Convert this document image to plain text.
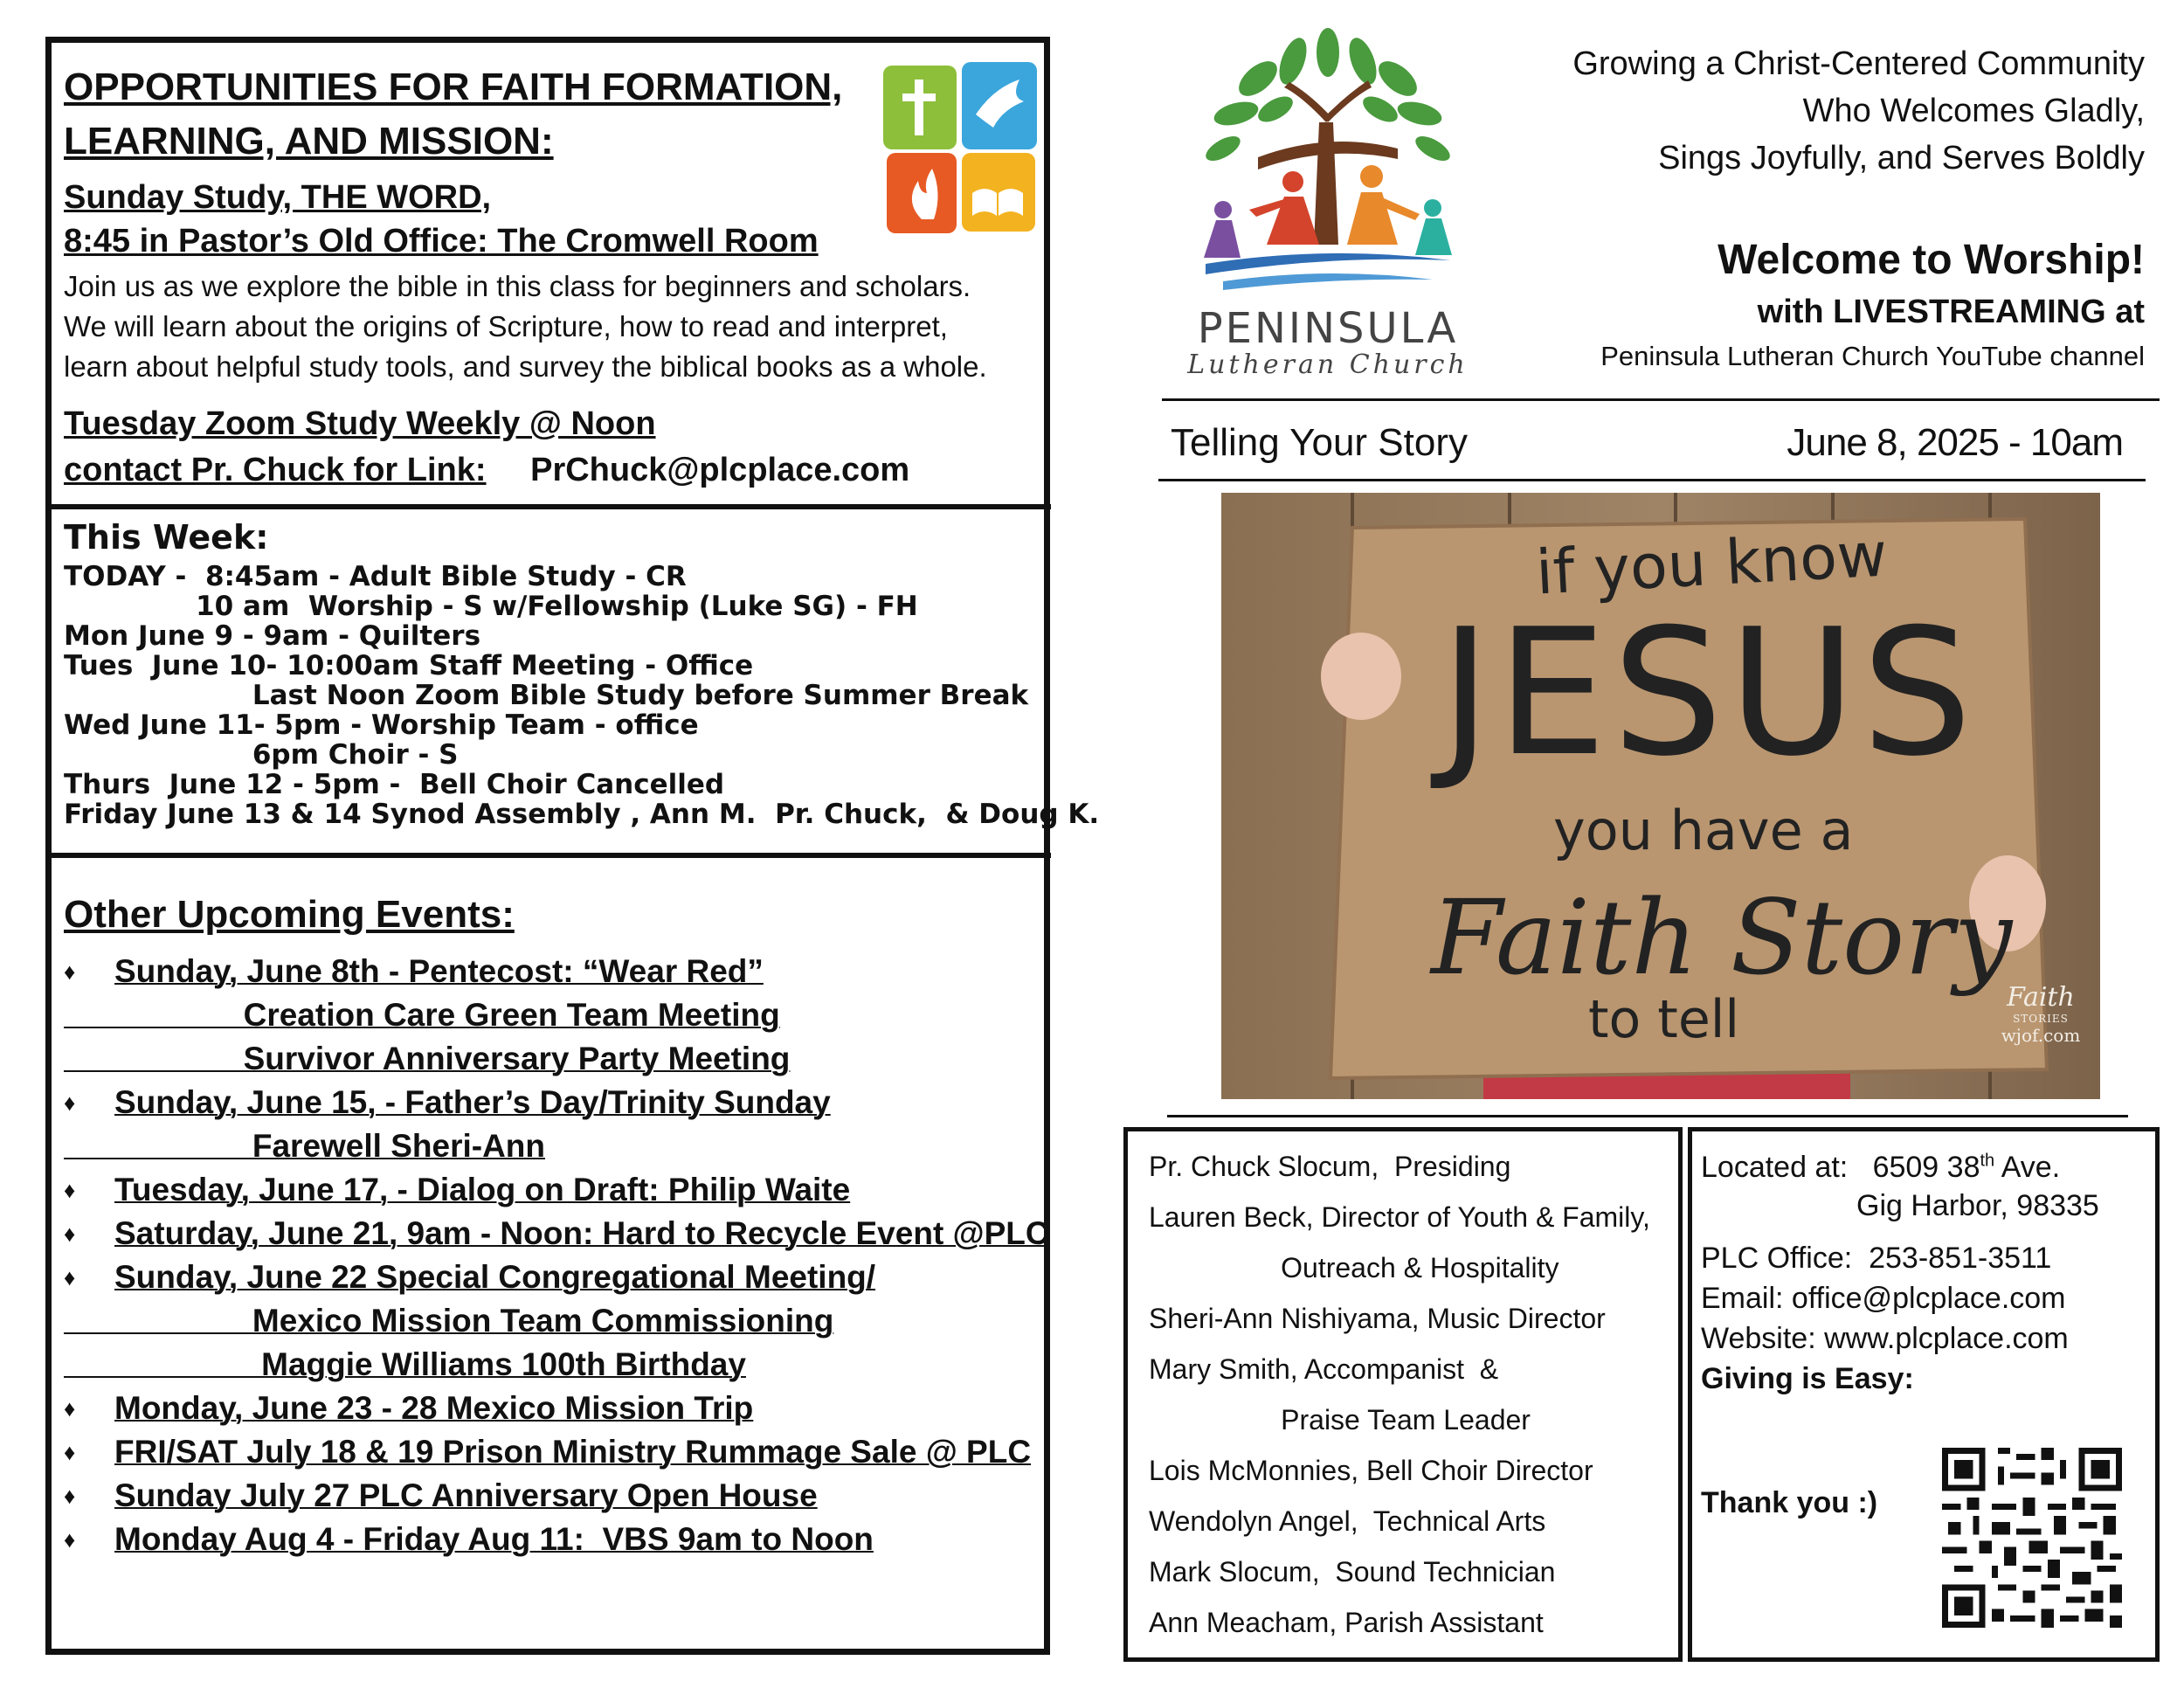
OPPORTUNITIES FOR FAITH FORMATION,
LEARNING, AND MISSION:
Sunday Study, THE WORD,
8:45 in Pastor’s Old Office: The Cromwell Room
Join us as we explore the bible in this class for beginners and scholars.
We will learn about the origins of Scripture, how to read and interpret,
learn about helpful study tools, and survey the biblical books as a whole.
Tuesday Zoom Study Weekly @ Noon
contact Pr. Chuck for Link: PrChuck@plcplace.com
This Week:
TODAY -  8:45am - Adult Bible Study - CR
10 am  Worship - S w/Fellowship (Luke SG) - FH
Mon June 9 - 9am - Quilters
Tues  June 10- 10:00am Staff Meeting - Office
Last Noon Zoom Bible Study before Summer Break
Wed June 11- 5pm - Worship Team - office
6pm Choir - S
Thurs  June 12 - 5pm -  Bell Choir Cancelled
Friday June 13 & 14 Synod Assembly , Ann M.  Pr. Chuck,  & Doug K.
Other Upcoming Events:
♦ Sunday, June 8th - Pentecost: “Wear Red”
Creation Care Green Team Meeting
Survivor Anniversary Party Meeting
♦ Sunday, June 15, - Father’s Day/Trinity Sunday
Farewell Sheri-Ann
♦ Tuesday, June 17, - Dialog on Draft: Philip Waite
♦ Saturday, June 21, 9am - Noon: Hard to Recycle Event @PLC
♦ Sunday, June 22 Special Congregational Meeting/
Mexico Mission Team Commissioning
Maggie Williams 100th Birthday
♦ Monday, June 23 - 28 Mexico Mission Trip
♦ FRI/SAT July 18 & 19 Prison Ministry Rummage Sale @ PLC
♦ Sunday July 27 PLC Anniversary Open House
♦ Monday Aug 4 - Friday Aug 11:  VBS 9am to Noon
PENINSULA
Lutheran Church
Growing a Christ-Centered Community
Who Welcomes Gladly,
Sings Joyfully, and Serves Boldly
Welcome to Worship!
with LIVESTREAMING at
Peninsula Lutheran Church YouTube channel
Telling Your Story	June 8, 2025 - 10am
if you know
JESUS
you have a
Faith Story
to tell	Faith
STORIES
wjof.com
Pr. Chuck Slocum,  Presiding
Lauren Beck, Director of Youth & Family,
Outreach & Hospitality
Sheri-Ann Nishiyama, Music Director
Mary Smith, Accompanist  &
Praise Team Leader
Lois McMonnies, Bell Choir Director
Wendolyn Angel,  Technical Arts
Mark Slocum,  Sound Technician
Ann Meacham, Parish Assistant
Located at:   6509 38th Ave.
Gig Harbor, 98335
PLC Office:  253-851-3511
Email: office@plcplace.com
Website: www.plcplace.com
Giving is Easy:
Thank you :)
